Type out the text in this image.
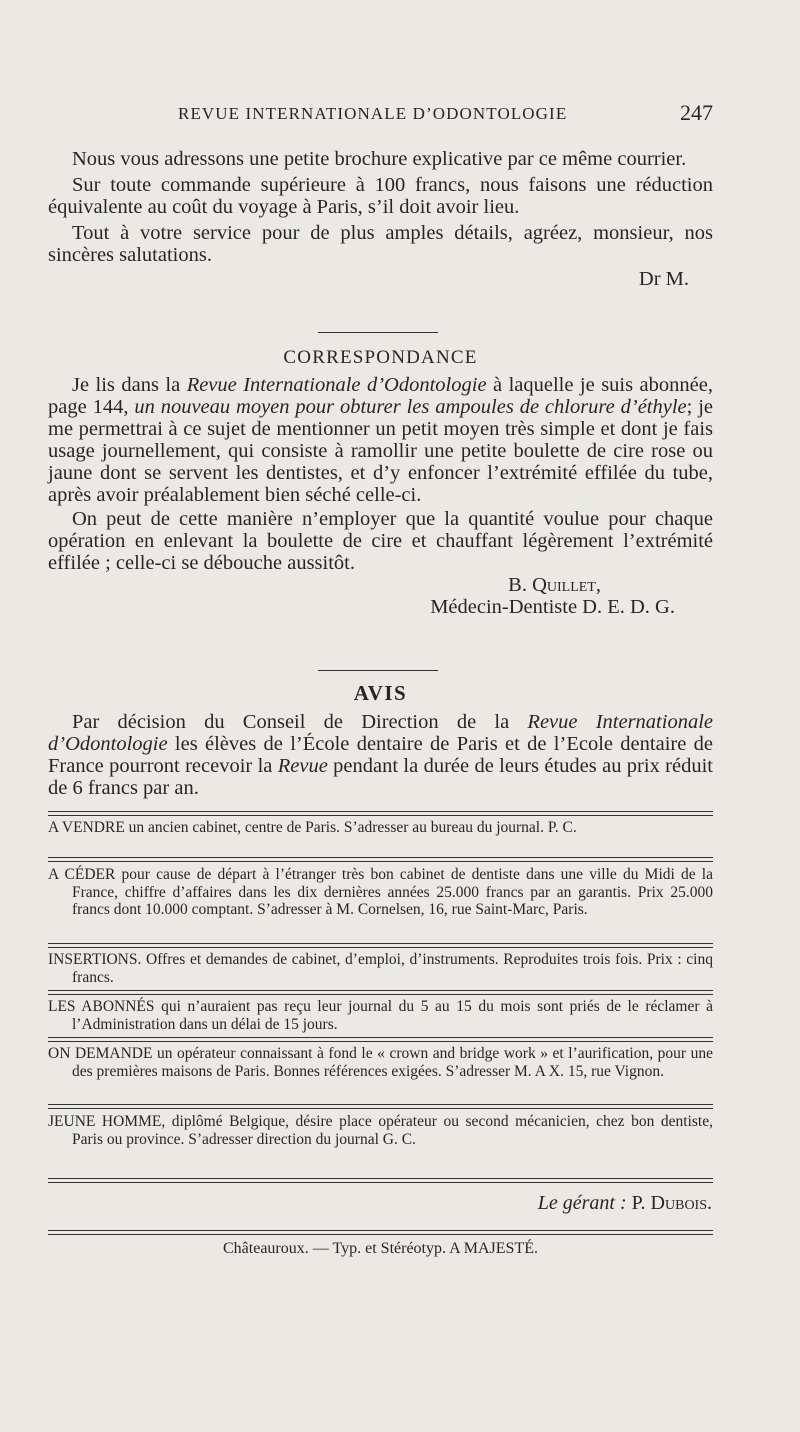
REVUE INTERNATIONALE D’ODONTOLOGIE	247
Nous vous adressons une petite brochure explicative par ce même courrier.
Sur toute commande supérieure à 100 francs, nous faisons une réduction équivalente au coût du voyage à Paris, s’il doit avoir lieu.
Tout à votre service pour de plus amples détails, agréez, monsieur, nos sincères salutations.
Dr M.
CORRESPONDANCE
Je lis dans la Revue Internationale d’Odontologie à laquelle je suis abonnée, page 144, un nouveau moyen pour obturer les ampoules de chlorure d’éthyle; je me permettrai à ce sujet de mentionner un petit moyen très simple et dont je fais usage journellement, qui consiste à ramollir une petite boulette de cire rose ou jaune dont se servent les dentistes, et d’y enfoncer l’extrémité effilée du tube, après avoir préalablement bien séché celle-ci.
On peut de cette manière n’employer que la quantité voulue pour chaque opération en enlevant la boulette de cire et chauffant légèrement l’extrémité effilée ; celle-ci se débouche aussitôt.
B. Quillet,
Médecin-Dentiste D. E. D. G.
AVIS
Par décision du Conseil de Direction de la Revue Internationale d’Odontologie les élèves de l’École dentaire de Paris et de l’Ecole dentaire de France pourront recevoir la Revue pendant la durée de leurs études au prix réduit de 6 francs par an.
A VENDRE un ancien cabinet, centre de Paris. S’adresser au bureau du journal. P. C.
A CÉDER pour cause de départ à l’étranger très bon cabinet de dentiste dans une ville du Midi de la France, chiffre d’affaires dans les dix dernières années 25.000 francs par an garantis. Prix 25.000 francs dont 10.000 comptant. S’adresser à M. Cornelsen, 16, rue Saint-Marc, Paris.
INSERTIONS. Offres et demandes de cabinet, d’emploi, d’instruments. Reproduites trois fois. Prix : cinq francs.
LES ABONNÉS qui n’auraient pas reçu leur journal du 5 au 15 du mois sont priés de le réclamer à l’Administration dans un délai de 15 jours.
ON DEMANDE un opérateur connaissant à fond le « crown and bridge work » et l’aurification, pour une des premières maisons de Paris. Bonnes références exigées. S’adresser M. A X. 15, rue Vignon.
JEUNE HOMME, diplômé Belgique, désire place opérateur ou second mécanicien, chez bon dentiste, Paris ou province. S’adresser direction du journal G. C.
Le gérant : P. Dubois.
Châteauroux. — Typ. et Stéréotyp. A MAJESTÉ.
